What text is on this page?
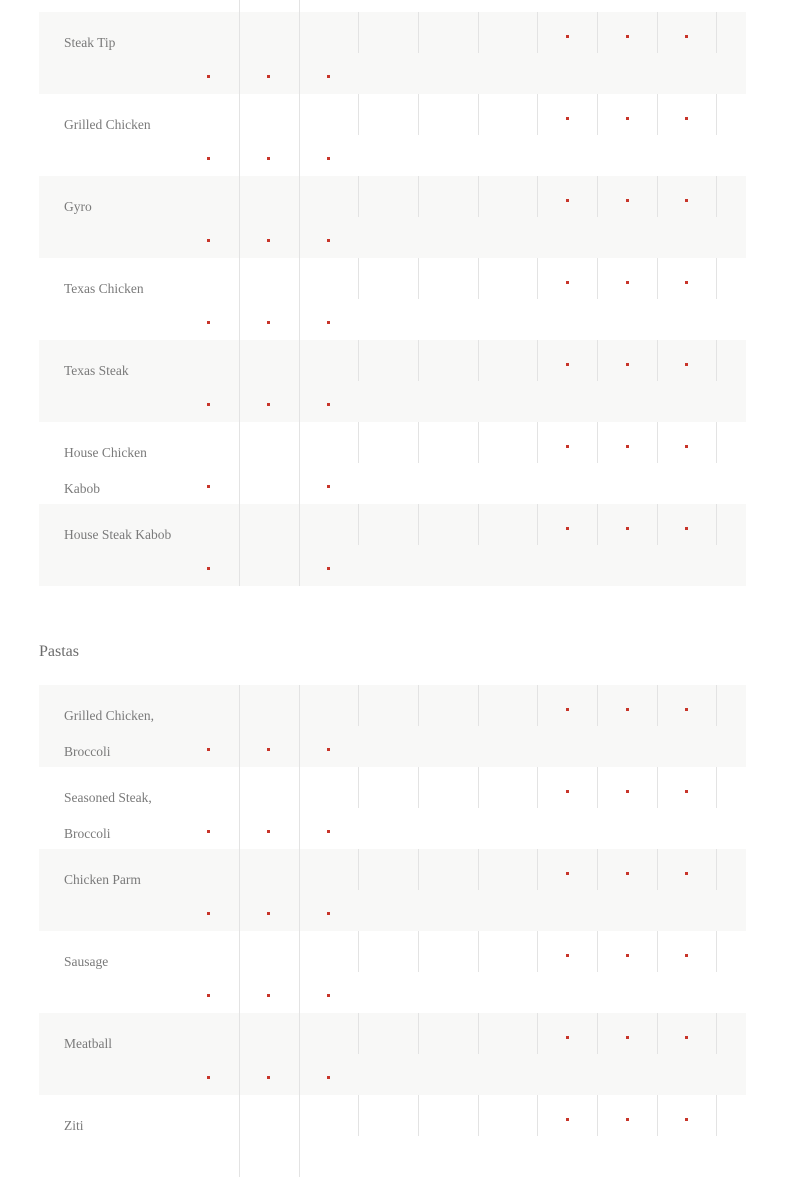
Steak Tip
Grilled Chicken
Gyro
Texas Chicken
Texas Steak
House Chicken Kabob
House Steak Kabob
Pastas
Grilled Chicken, Broccoli
Seasoned Steak, Broccoli
Chicken Parm
Sausage
Meatball
Ziti
